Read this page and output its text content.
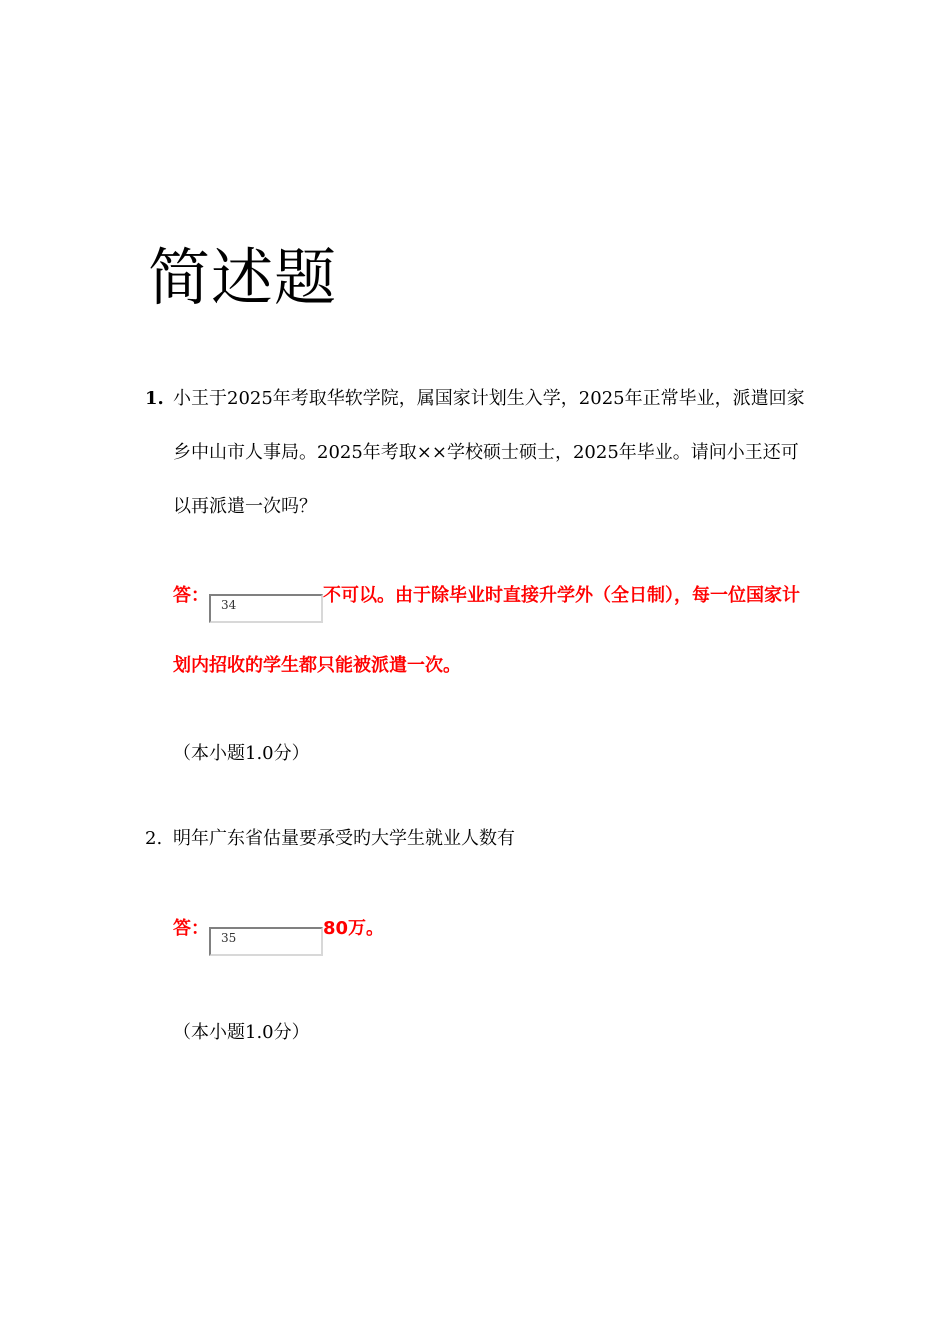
简述题
1. 小王于2025年考取华软学院，属国家计划生入学，2025年正常毕业，派遣回家乡中山市人事局。2025年考取××学校硕士硕士，2025年毕业。请问小王还可以再派遣一次吗？

答： 34	不可以。由于除毕业时直接升学外（全日制），每一位国家计划内招收的学生都只能被派遣一次。

（本小题1.0分）

2. 明年广东省估量要承受旳大学生就业人数有

答： 35	80万。

（本小题1.0分）
